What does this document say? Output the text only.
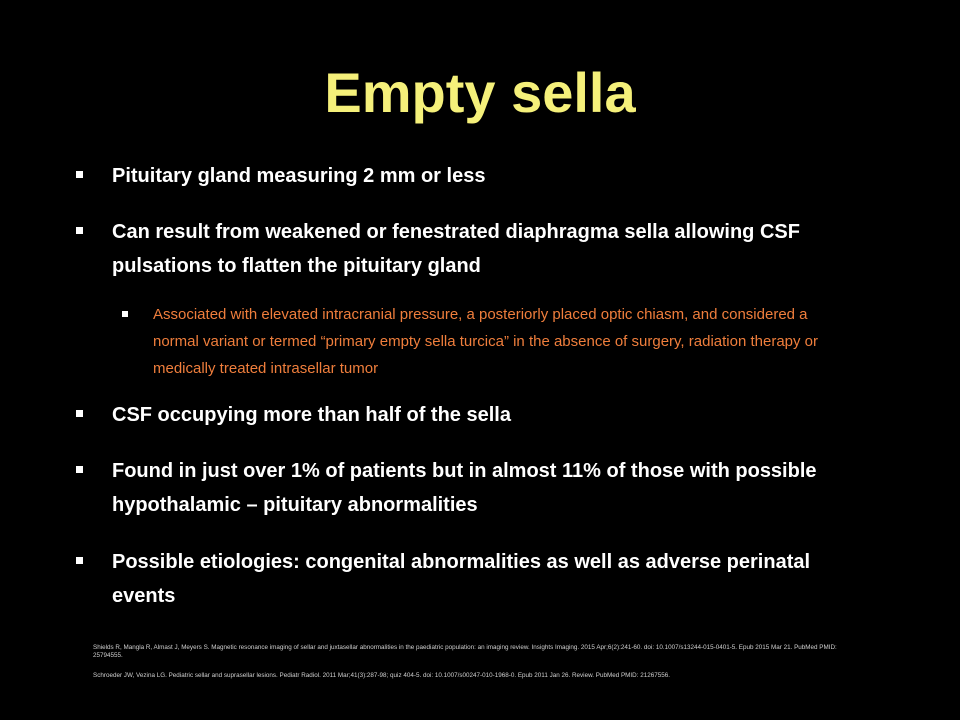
Empty sella
Pituitary gland measuring 2 mm or less
Can result from weakened or fenestrated diaphragma sella allowing CSF pulsations to flatten the pituitary gland
Associated with elevated intracranial pressure, a posteriorly placed optic chiasm, and considered a normal variant or termed “primary empty sella turcica” in the absence of surgery, radiation therapy or medically treated intrasellar tumor
CSF occupying more than half of the sella
Found in just over 1% of patients but in almost 11% of those with possible hypothalamic – pituitary abnormalities
Possible etiologies: congenital abnormalities as well as adverse perinatal events
Shields R, Mangla R, Almast J, Meyers S. Magnetic resonance imaging of sellar and juxtasellar abnormalities in the paediatric population: an imaging review. Insights Imaging. 2015 Apr;6(2):241-60. doi: 10.1007/s13244-015-0401-5. Epub 2015 Mar 21. PubMed PMID: 25794555.
Schroeder JW, Vezina LG. Pediatric sellar and suprasellar lesions. Pediatr Radiol. 2011 Mar;41(3):287-98; quiz 404-5. doi: 10.1007/s00247-010-1968-0. Epub 2011 Jan 26. Review. PubMed PMID: 21267556.
